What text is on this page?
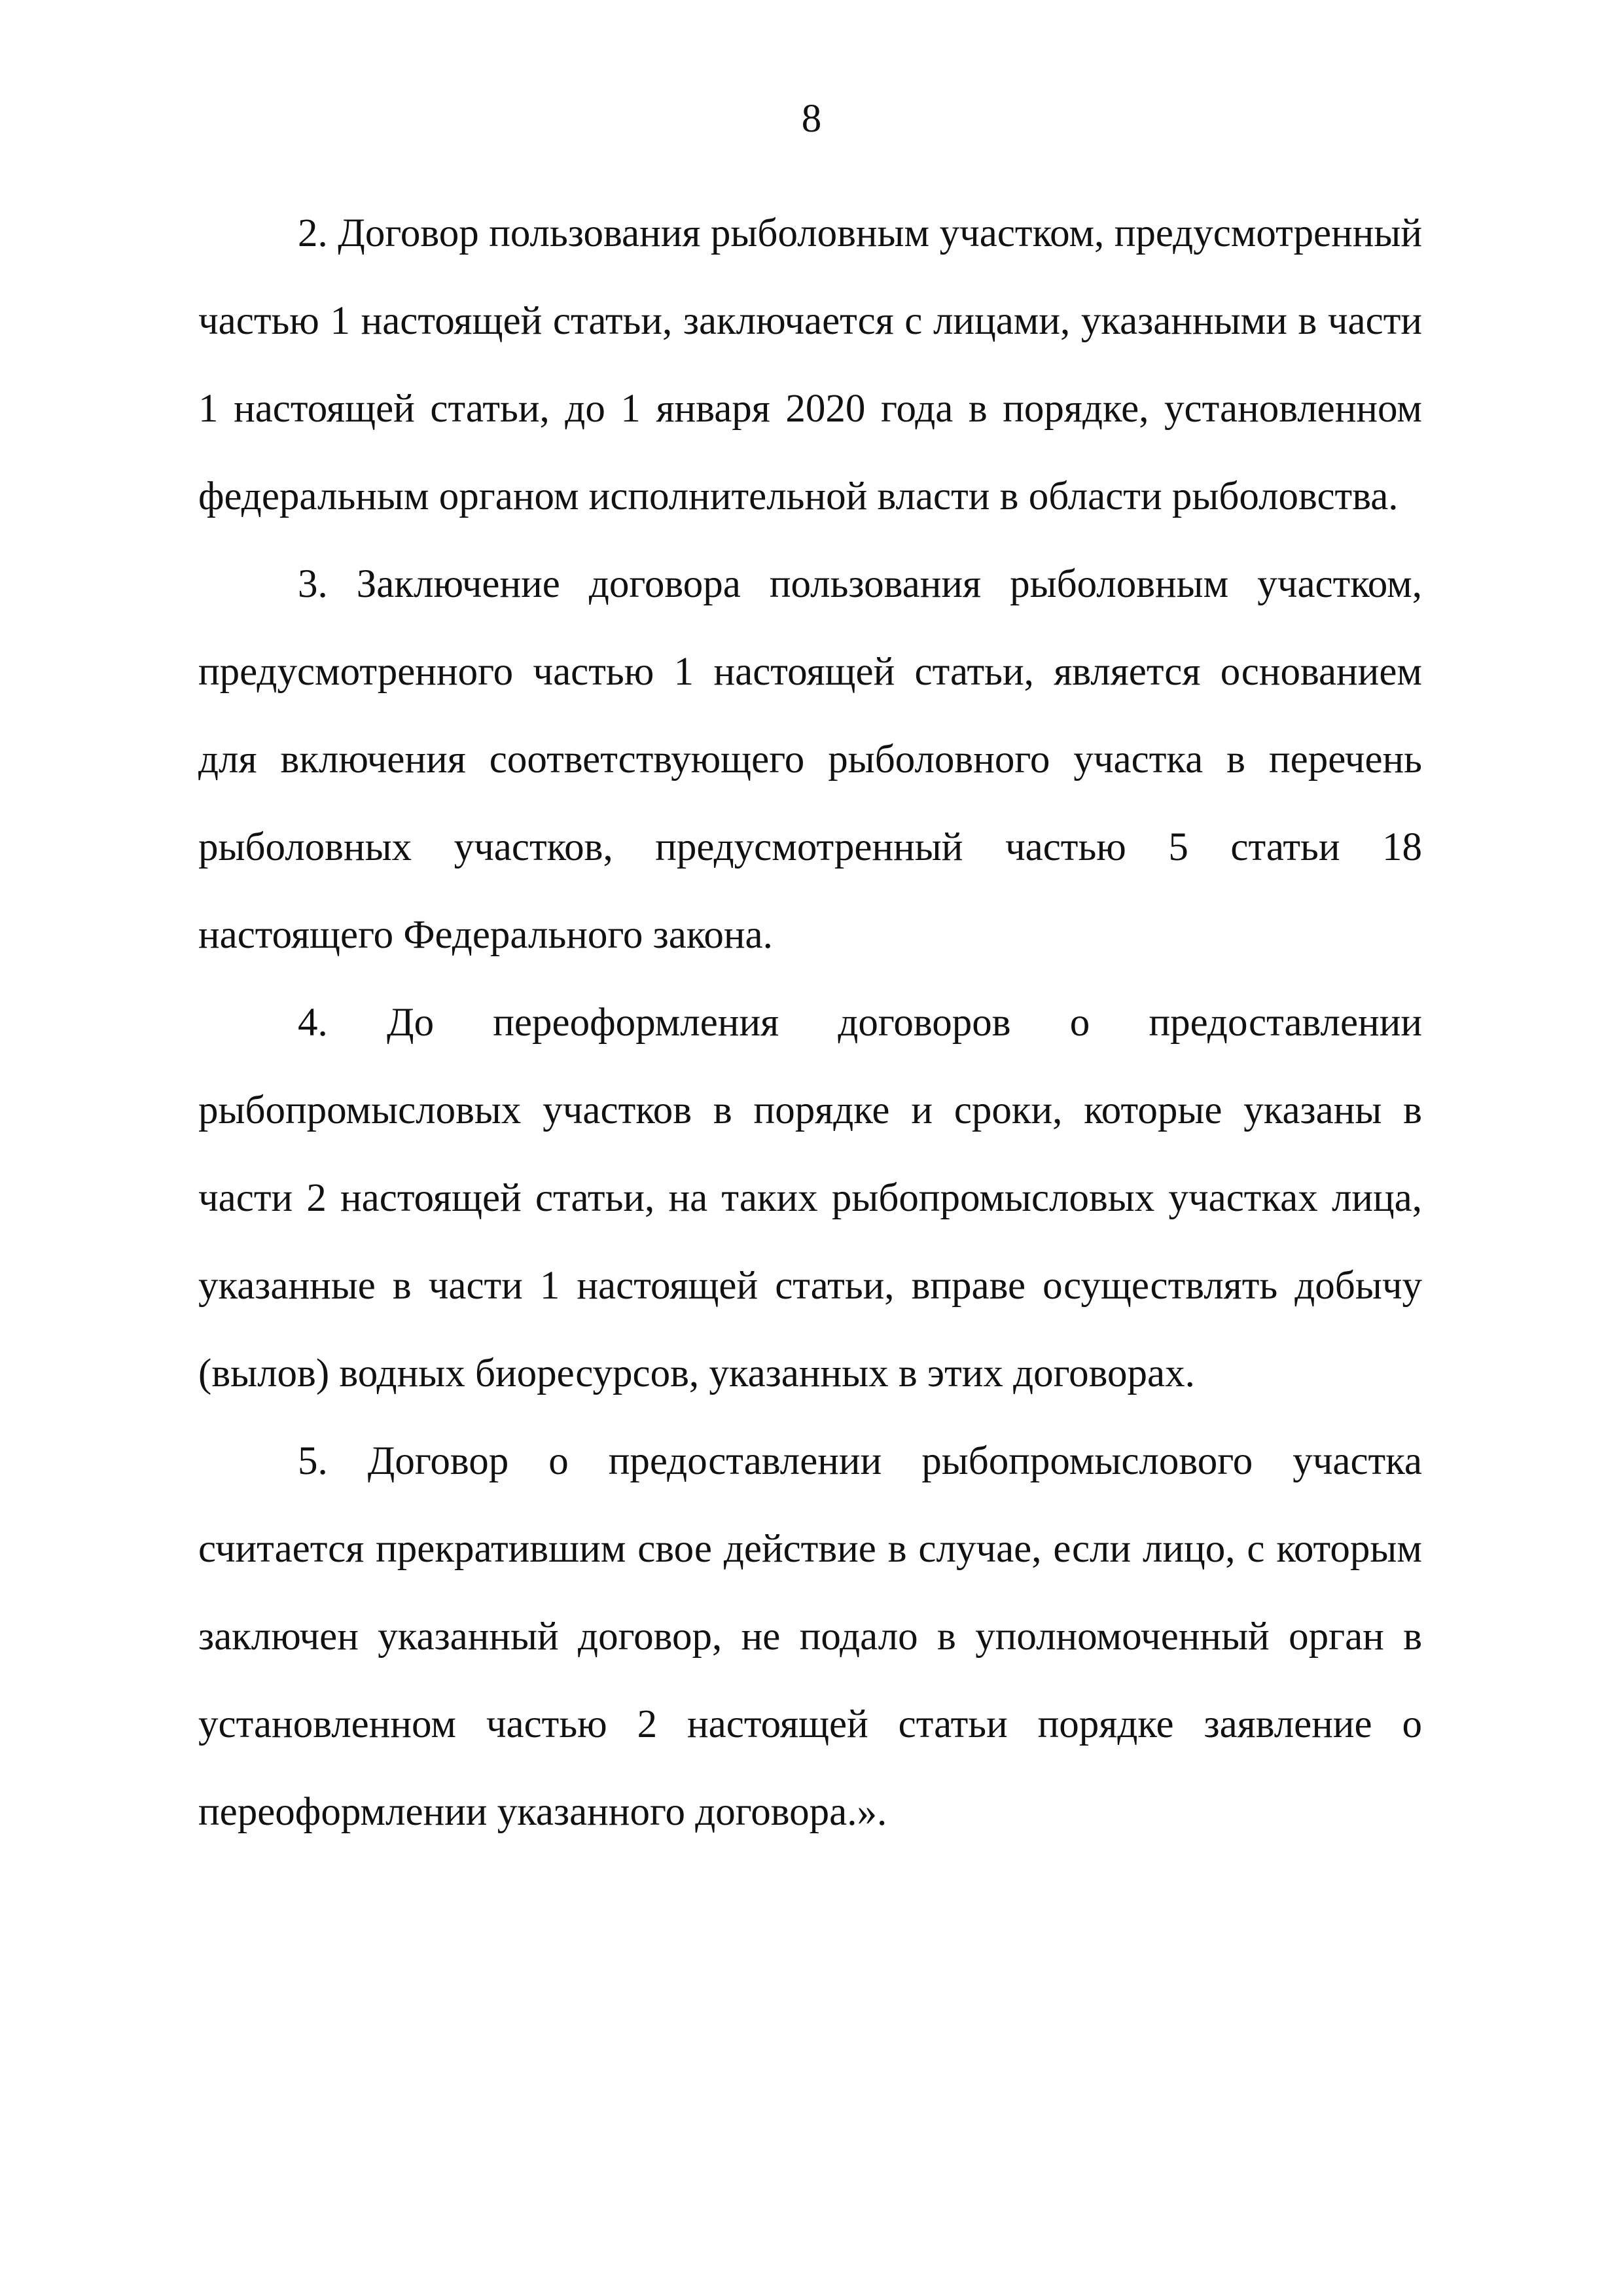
8

2. Договор пользования рыболовным участком, предусмотренный частью 1 настоящей статьи, заключается с лицами, указанными в части 1 настоящей статьи, до 1 января 2020 года в порядке, установленном федеральным органом исполнительной власти в области рыболовства.

3. Заключение договора пользования рыболовным участком, предусмотренного частью 1 настоящей статьи, является основанием для включения соответствующего рыболовного участка в перечень рыболовных участков, предусмотренный частью 5 статьи 18 настоящего Федерального закона.

4. До переоформления договоров о предоставлении рыбопромысловых участков в порядке и сроки, которые указаны в части 2 настоящей статьи, на таких рыбопромысловых участках лица, указанные в части 1 настоящей статьи, вправе осуществлять добычу (вылов) водных биоресурсов, указанных в этих договорах.

5. Договор о предоставлении рыбопромыслового участка считается прекратившим свое действие в случае, если лицо, с которым заключен указанный договор, не подало в уполномоченный орган в установленном частью 2 настоящей статьи порядке заявление о переоформлении указанного договора.».
